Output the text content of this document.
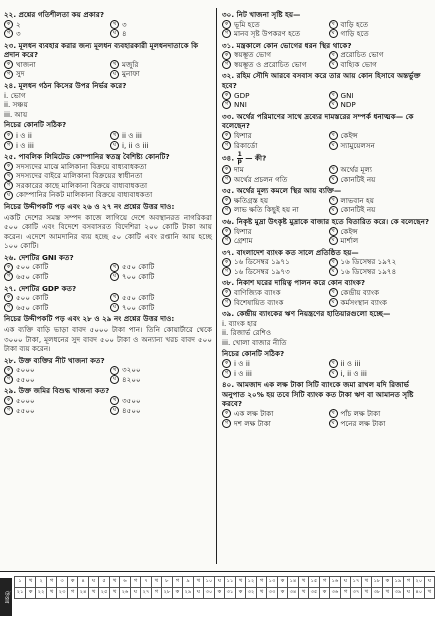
২২. প্রশ্নের গতিশীলতা কয় প্রকার?
ক ২	খ ৩
গ ৩	ঘ ৪
২৩. মূলধন ব্যবহার করার জন্য মূলধন ব্যবহারকারী মূলধনদাতাকে কি প্রদান করে?
ক খাজনা	খ মজুরি
গ সুদ	ঘ মুনাফা
২৪. মূলধন গঠন কিসের উপর নির্ভর করে?
i. ভোগ
ii. সঞ্চয়
iii. আয়
নিচের কোনটি সঠিক?
ক i ও ii	খ ii ও iii
গ i ও iii	ঘ i, ii ও iii
২৫. পাবলিক লিমিটেড কোম্পানির স্বতন্ত্র বৈশিষ্ট্য কোনটি?
ক সদস্যদের মাঝে মালিকানা বিক্রয়ে বাধ্যবাধকতা
খ সদস্যদের বাইরে মালিকানা বিক্রয়ের স্বাধীনতা
গ সরকারের কাছে মালিকানা বিক্রয়ে বাধ্যবাধকতা
ঘ কোম্পানির নিকট মালিকানা বিক্রয়ে বাধ্যবাধকতা
নিচের উদ্দীপকটি পড় এবং ২৬ ও ২৭ নং প্রশ্নের উত্তর দাও:
একটি দেশের সমস্ত সম্পদ কাজে লাগিয়ে দেশে অবস্থানরত নাগরিকরা ৫০০ কোটি এবং বিদেশে বসবাসরত বিদেশিরা ২০০ কোটি টাকা আয় করেন। এদেশে আমদানির ব্যয় হচ্ছে ৫০ কোটি এবং রপ্তানি আয় হচ্ছে ১০০ কোটি।
২৬. দেশটির GNI কত?
ক ৫০০ কোটি	খ ৫৫০ কোটি
গ ৬৫০ কোটি	ঘ ৭০০ কোটি
২৭. দেশটির GDP কত?
ক ৫০০ কোটি	খ ৫৫০ কোটি
গ ৬৫০ কোটি	ঘ ৭০০ কোটি
নিচের উদ্দীপকটি পড় এবং ২৮ ও ২৯ নং প্রশ্নের উত্তর দাও:
এক ব্যক্তি বাড়ি ভাড়া বাবদ ৫০০০ টাকা পান। তিনি কোয়ার্টারে থেকে ৩০০০ টাকা, মূলধনের সুদ বাবদ ৫০০ টাকা ও অন্যান্য খরচ বাবদ ৫০০ টাকা ব্যয় করেন।
২৮. উক্ত ব্যক্তির নীট খাজনা কত?
ক ৫০০০	খ ৩২০০
গ ৫৫০০	ঘ ৪২০০
২৯. উক্ত জমির বিশুদ্ধ খাজনা কত?
ক ৫০০০	খ ৩৫০০
গ ৫৫০০	ঘ ৪৫০০
৩০. নিট খাজনা সৃষ্টি হয়—
ক ভূমি হতে	খ বাড়ি হতে
গ মানব সৃষ্ট উপকরণ হতে	ঘ গাড়ি হতে
৩১. মন্ত্রকালে কোন ভোগের ধরন স্থির থাকে?
ক স্বয়ম্ভূত ভোগ	খ প্ররোচিত ভোগ
গ স্বয়ম্ভূত ও প্ররোচিত ভোগ	ঘ বাহ্যিক ভোগ
৩২. রহিম সৌদি আরবে বসবাস করে তার আয় কোন হিসাবে অন্তর্ভুক্ত হবে?
ক GDP	খ GNI
গ NNI	ঘ NDP
৩৩. অর্থের পরিমাণের সাথে দ্রব্যের দামস্তরের সম্পর্ক ধনাত্মক— কে বলেছেন?
ক ফিশার	খ কেইন্স
গ রিকার্ডো	ঘ স্যামুয়েলসন
৩৪. $\frac{1}{p}$ — কী?
ক দাম	খ অর্থের মূল্য
গ অর্থের প্রচলন গতি	ঘ কোনটিই নয়
৩৫. অর্থের মূল্য কমলে স্থির আয় ব্যক্তি—
ক ক্ষতিগ্রস্ত হয়	খ লাভবান হয়
গ লাভ ক্ষতি কিছুই হয় না	ঘ কোনটিই নয়
৩৬. নিকৃষ্ট মুদ্রা উৎকৃষ্ট মুদ্রাকে বাজার হতে বিতারিত করে। কে বলেছেন?
ক ফিশার	খ কেইন্স
গ গ্রেশাম	ঘ মার্শাল
৩৭. বাংলাদেশ ব্যাংক কত সালে প্রতিষ্ঠিত হয়—
ক ১৬ ডিসেম্বর ১৯৭১	খ ১৬ ডিসেম্বর ১৯৭২
গ ১৬ ডিসেম্বর ১৯৭৩	ঘ ১৬ ডিসেম্বর ১৯৭৪
৩৮. নিকাশ ঘরের দায়িত্ব পালন করে কোন ব্যাংক?
ক বাণিজ্যিক ব্যাংক	খ কেন্দ্রীয় ব্যাংক
গ বিশেষায়িত ব্যাংক	ঘ কর্মসংস্থান ব্যাংক
৩৯. কেন্দ্রীয় ব্যাংকের ঋণ নিয়ন্ত্রণের হাতিয়ারগুলো হচ্ছে—
i. ব্যাংক হার
ii. রিজার্ভ রেশিও
iii. খোলা বাজার নীতি
নিচের কোনটি সঠিক?
ক i ও ii	খ ii ও iii
গ i ও iii	ঘ i, ii ও iii
৪০. আমজাদ এক লক্ষ টাকা সিটি ব্যাংকে জমা রাখল যদি রিজার্ভ অনুপাত ২০% হয় তবে সিটি ব্যাংক কত টাকা ঋণ বা আমানত সৃষ্টি করবে?
ক এক লক্ষ টাকা	খ পাঁচ লক্ষ টাকা
গ দশ লক্ষ টাকা	ঘ পনের লক্ষ টাকা
উত্তর
১	খ	২	গ	৩	ক	৪	ঘ	৫	খ	৬	গ	৭	খ	৮	গ	৯	খ	১০	ঘ	১১	খ	১২	গ	১৩	ক	১৪	খ	১৫	গ	১৬	ঘ	১৭	খ	১৮	ক	১৯	গ	২০	ঘ
২১	ক	২২	খ	২৩	গ	২৪	খ	২৫	খ	২৬	ঘ	২৭	গ	২৮	ক	২৯	ঘ	৩০	ক	৩১	ক	৩২	খ	৩৩	ক	৩৪	খ	৩৫	ক	৩৬	গ	৩৭	খ	৩৮	খ	৩৯	ঘ	৪০	খ
